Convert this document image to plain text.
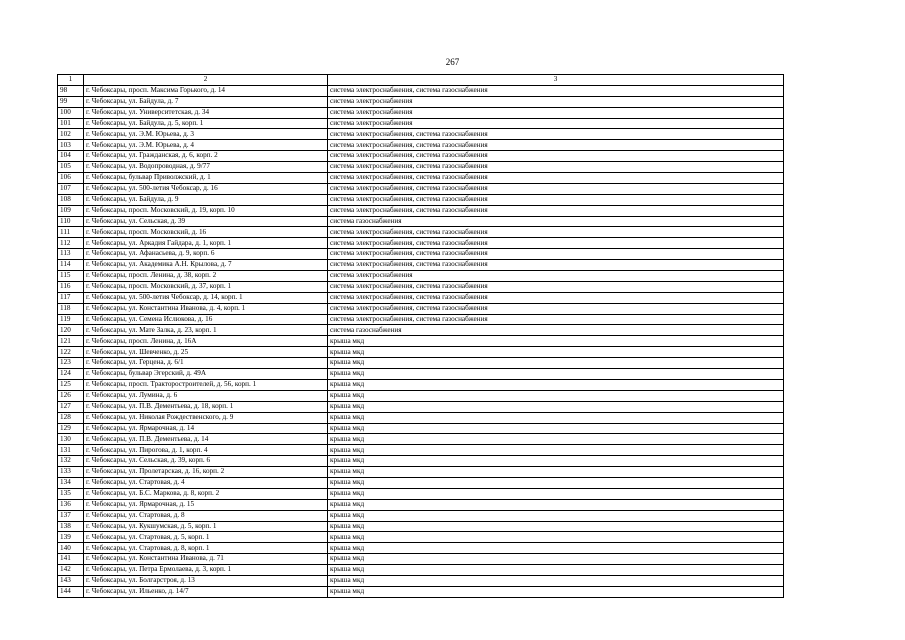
267
1	2	3
98	г. Чебоксары, просп. Максима Горького, д. 14	система электроснабжения, система газоснабжения
99	г. Чебоксары, ул. Байдула, д. 7	система электроснабжения
100	г. Чебоксары, ул. Университетская, д. 34	система электроснабжения
101	г. Чебоксары, ул. Байдула, д. 5, корп. 1	система электроснабжения
102	г. Чебоксары, ул. Э.М. Юрьева, д. 3	система электроснабжения, система газоснабжения
103	г. Чебоксары, ул. Э.М. Юрьева, д. 4	система электроснабжения, система газоснабжения
104	г. Чебоксары, ул. Гражданская, д. 6, корп. 2	система электроснабжения, система газоснабжения
105	г. Чебоксары, ул. Водопроводная, д. 9/77	система электроснабжения, система газоснабжения
106	г. Чебоксары, бульвар Приволжский, д. 1	система электроснабжения, система газоснабжения
107	г. Чебоксары, ул. 500-летия Чебоксар, д. 16	система электроснабжения, система газоснабжения
108	г. Чебоксары, ул. Байдула, д. 9	система электроснабжения, система газоснабжения
109	г. Чебоксары, просп. Московский, д. 19, корп. 10	система электроснабжения, система газоснабжения
110	г. Чебоксары, ул. Сельская, д. 39	система газоснабжения
111	г. Чебоксары, просп. Московский, д. 16	система электроснабжения, система газоснабжения
112	г. Чебоксары, ул. Аркадия Гайдара, д. 1, корп. 1	система электроснабжения, система газоснабжения
113	г. Чебоксары, ул. Афанасьева, д. 9, корп. 6	система электроснабжения, система газоснабжения
114	г. Чебоксары, ул. Академика А.Н. Крылова, д. 7	система электроснабжения, система газоснабжения
115	г. Чебоксары, просп. Ленина, д. 38, корп. 2	система электроснабжения
116	г. Чебоксары, просп. Московский, д. 37, корп. 1	система электроснабжения, система газоснабжения
117	г. Чебоксары, ул. 500-летия Чебоксар, д. 14, корп. 1	система электроснабжения, система газоснабжения
118	г. Чебоксары, ул. Константина Иванова, д. 4, корп. 1	система электроснабжения, система газоснабжения
119	г. Чебоксары, ул. Семена Ислюкова, д. 16	система электроснабжения, система газоснабжения
120	г. Чебоксары, ул. Мате Залка, д. 23, корп. 1	система газоснабжения
121	г. Чебоксары, просп. Ленина, д. 16А	крыша мкд
122	г. Чебоксары, ул. Шевченко, д. 25	крыша мкд
123	г. Чебоксары, ул. Герцена, д. 6/1	крыша мкд
124	г. Чебоксары, бульвар Эгерский, д. 49А	крыша мкд
125	г. Чебоксары, просп. Тракторостроителей, д. 56, корп. 1	крыша мкд
126	г. Чебоксары, ул. Лумина, д. 6	крыша мкд
127	г. Чебоксары, ул. П.В. Дементьева, д. 18, корп. 1	крыша мкд
128	г. Чебоксары, ул. Николая Рождественского, д. 9	крыша мкд
129	г. Чебоксары, ул. Ярмарочная, д. 14	крыша мкд
130	г. Чебоксары, ул. П.В. Дементьева, д. 14	крыша мкд
131	г. Чебоксары, ул. Пирогова, д. 1, корп. 4	крыша мкд
132	г. Чебоксары, ул. Сельская, д. 39, корп. 6	крыша мкд
133	г. Чебоксары, ул. Пролетарская, д. 16, корп. 2	крыша мкд
134	г. Чебоксары, ул. Стартовая, д. 4	крыша мкд
135	г. Чебоксары, ул. Б.С. Маркова, д. 8, корп. 2	крыша мкд
136	г. Чебоксары, ул. Ярмарочная, д. 15	крыша мкд
137	г. Чебоксары, ул. Стартовая, д. 8	крыша мкд
138	г. Чебоксары, ул. Кукшумская, д. 5, корп. 1	крыша мкд
139	г. Чебоксары, ул. Стартовая, д. 5, корп. 1	крыша мкд
140	г. Чебоксары, ул. Стартовая, д. 8, корп. 1	крыша мкд
141	г. Чебоксары, ул. Константина Иванова, д. 71	крыша мкд
142	г. Чебоксары, ул. Петра Ермолаева, д. 3, корп. 1	крыша мкд
143	г. Чебоксары, ул. Болгарстроя, д. 13	крыша мкд
144	г. Чебоксары, ул. Ильенко, д. 14/7	крыша мкд
